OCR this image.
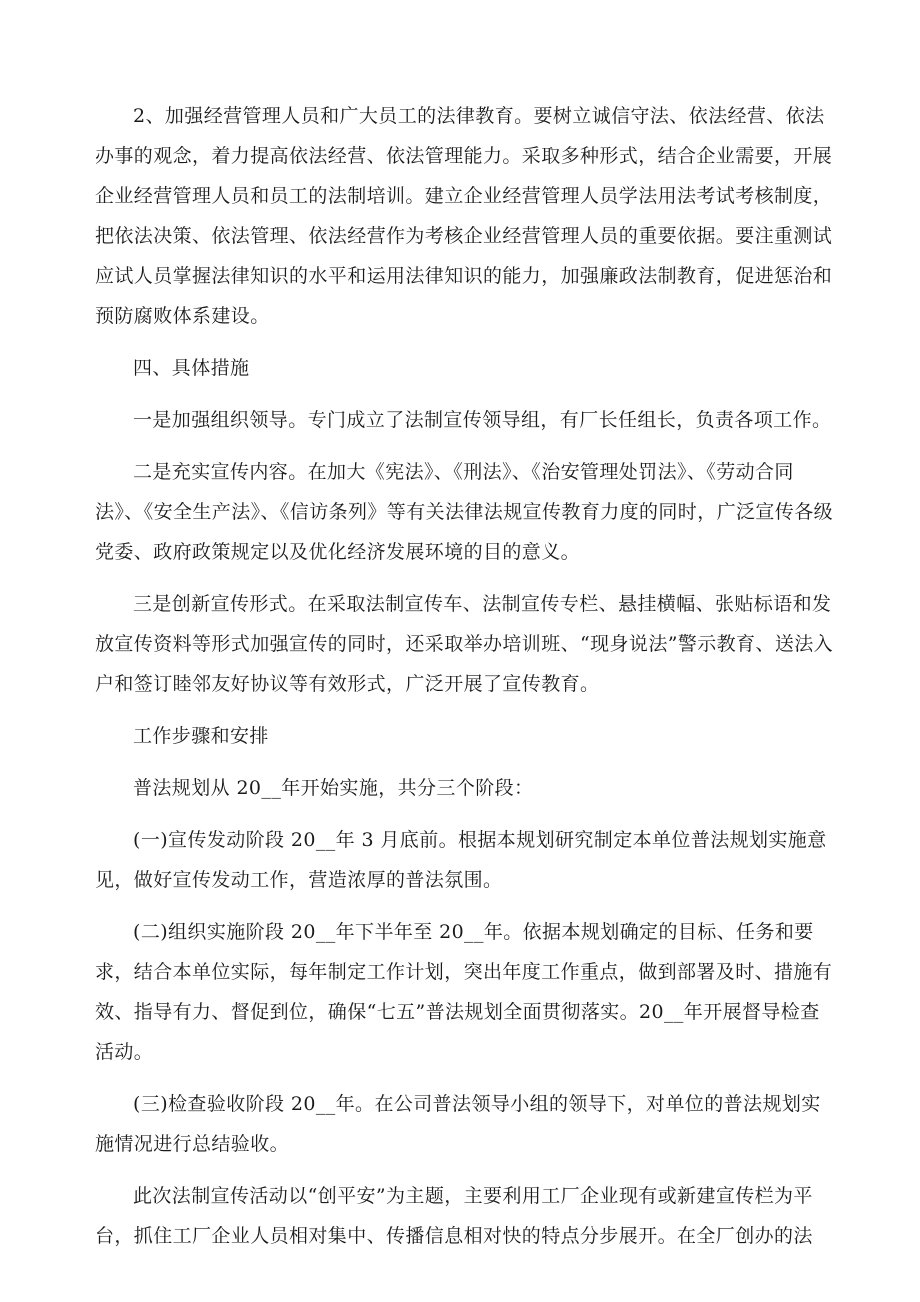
2、加强经营管理人员和广大员工的法律教育。要树立诚信守法、依法经营、依法办事的观念，着力提高依法经营、依法管理能力。采取多种形式，结合企业需要，开展企业经营管理人员和员工的法制培训。建立企业经营管理人员学法用法考试考核制度，把依法决策、依法管理、依法经营作为考核企业经营管理人员的重要依据。要注重测试应试人员掌握法律知识的水平和运用法律知识的能力，加强廉政法制教育，促进惩治和预防腐败体系建设。

四、具体措施

一是加强组织领导。专门成立了法制宣传领导组，有厂长任组长，负责各项工作。

二是充实宣传内容。在加大《宪法》、《刑法》、《治安管理处罚法》、《劳动合同法》、《安全生产法》、《信访条列》等有关法律法规宣传教育力度的同时，广泛宣传各级党委、政府政策规定以及优化经济发展环境的目的意义。

三是创新宣传形式。在采取法制宣传车、法制宣传专栏、悬挂横幅、张贴标语和发放宣传资料等形式加强宣传的同时，还采取举办培训班、“现身说法”警示教育、送法入户和签订睦邻友好协议等有效形式，广泛开展了宣传教育。

工作步骤和安排

普法规划从 20__年开始实施，共分三个阶段：

(一)宣传发动阶段 20__年 3 月底前。根据本规划研究制定本单位普法规划实施意见，做好宣传发动工作，营造浓厚的普法氛围。

(二)组织实施阶段 20__年下半年至 20__年。依据本规划确定的目标、任务和要求，结合本单位实际，每年制定工作计划，突出年度工作重点，做到部署及时、措施有效、指导有力、督促到位，确保“七五”普法规划全面贯彻落实。20__年开展督导检查活动。

(三)检查验收阶段 20__年。在公司普法领导小组的领导下，对单位的普法规划实施情况进行总结验收。

此次法制宣传活动以“创平安”为主题，主要利用工厂企业现有或新建宣传栏为平台，抓住工厂企业人员相对集中、传播信息相对快的特点分步展开。在全厂创办的法
